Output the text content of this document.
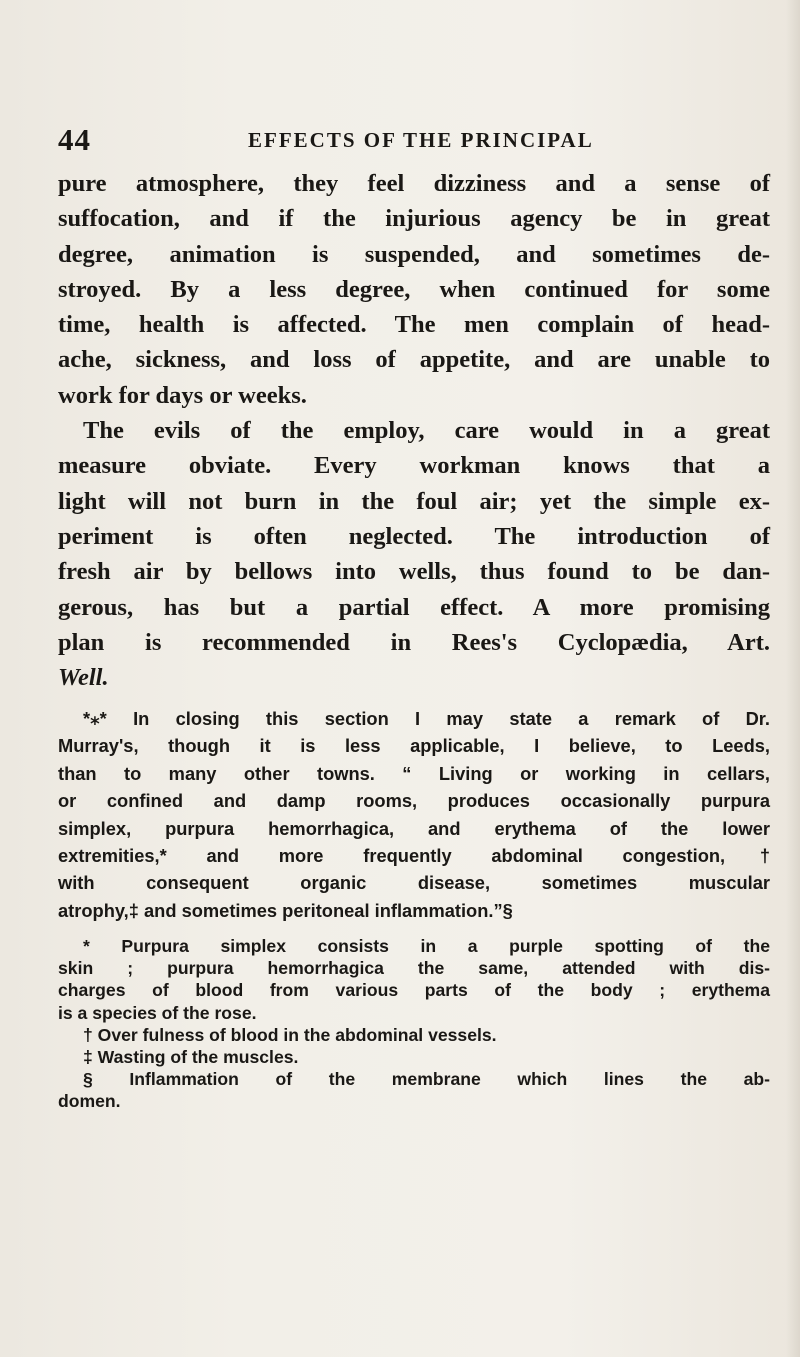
44	EFFECTS OF THE PRINCIPAL
pure atmosphere, they feel dizziness and a sense of
suffocation, and if the injurious agency be in great
degree, animation is suspended, and sometimes de-
stroyed. By a less degree, when continued for some
time, health is affected. The men complain of head-
ache, sickness, and loss of appetite, and are unable to
work for days or weeks.
The evils of the employ, care would in a great
measure obviate. Every workman knows that a
light will not burn in the foul air; yet the simple ex-
periment is often neglected. The introduction of
fresh air by bellows into wells, thus found to be dan-
gerous, has but a partial effect. A more promising
plan is recommended in Rees's Cyclopædia, Art.
Well.
*⁎* In closing this section I may state a remark of Dr.
Murray's, though it is less applicable, I believe, to Leeds,
than to many other towns. “ Living or working in cellars,
or confined and damp rooms, produces occasionally purpura
simplex, purpura hemorrhagica, and erythema of the lower
extremities,* and more frequently abdominal congestion,†
with consequent organic disease, sometimes muscular
atrophy,‡ and sometimes peritoneal inflammation.”§
* Purpura simplex consists in a purple spotting of the
skin ; purpura hemorrhagica the same, attended with dis-
charges of blood from various parts of the body ; erythema
is a species of the rose.
† Over fulness of blood in the abdominal vessels.
‡ Wasting of the muscles.
§ Inflammation of the membrane which lines the ab-
domen.
